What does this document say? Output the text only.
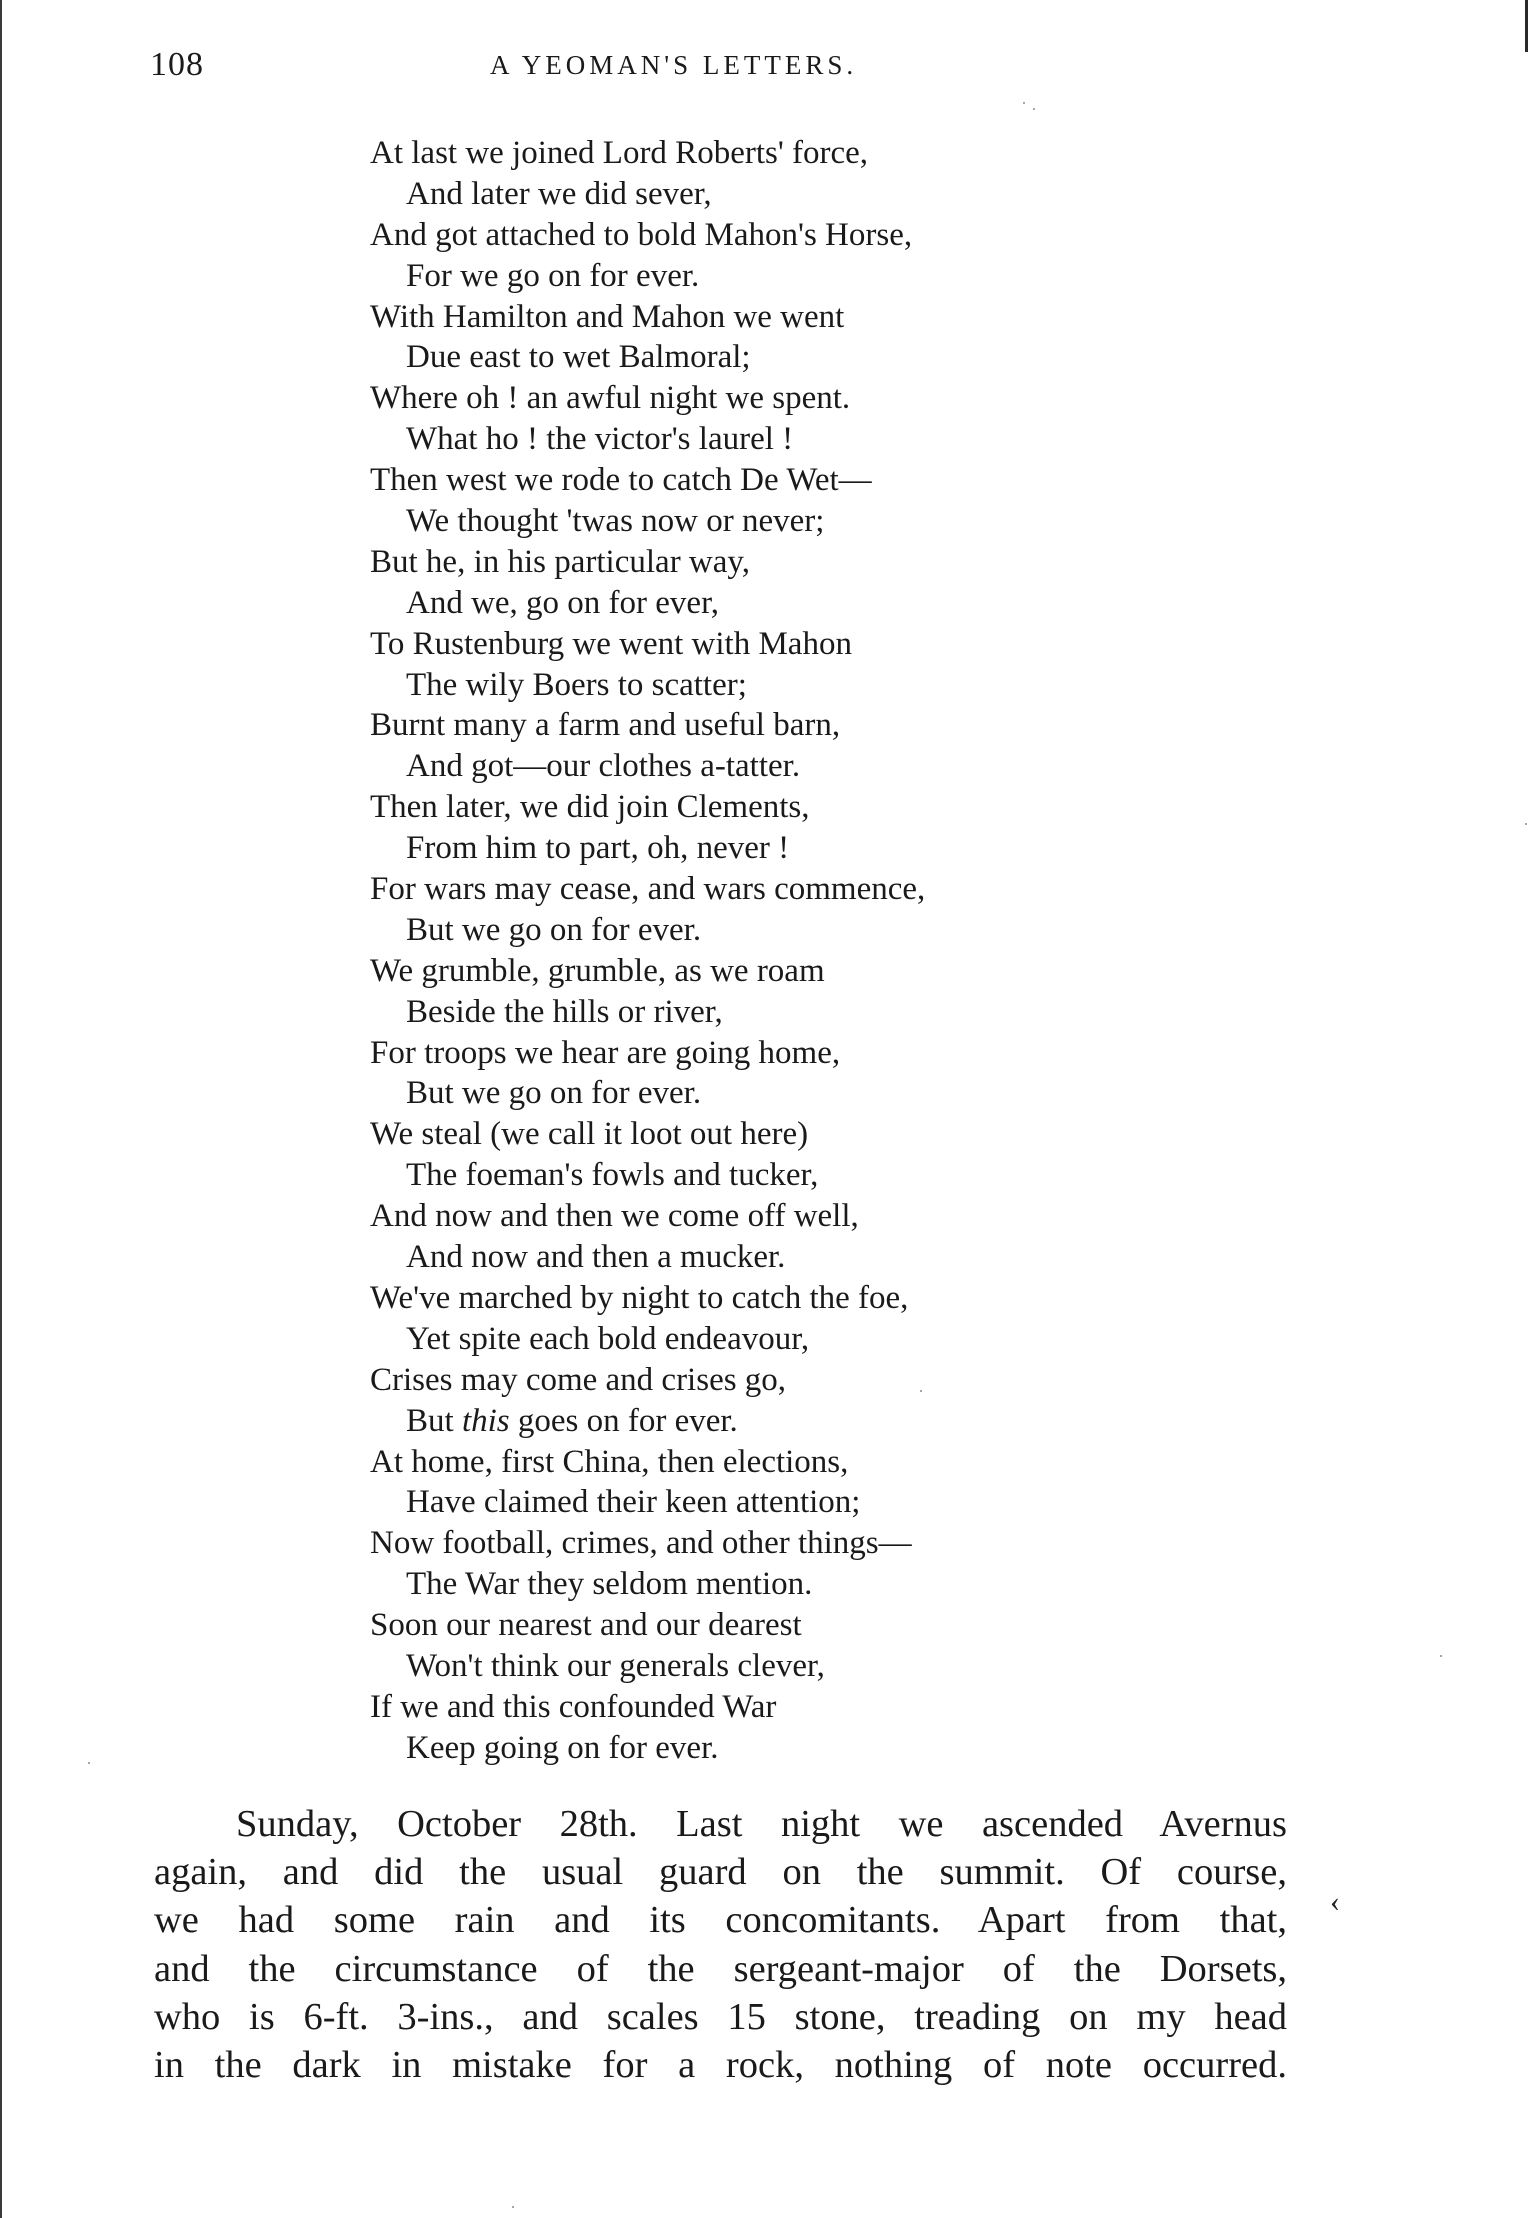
108	A YEOMAN'S LETTERS.
At last we joined Lord Roberts' force,
And later we did sever,
And got attached to bold Mahon's Horse,
For we go on for ever.
With Hamilton and Mahon we went
Due east to wet Balmoral;
Where oh ! an awful night we spent.
What ho ! the victor's laurel !
Then west we rode to catch De Wet—
We thought 'twas now or never;
But he, in his particular way,
And we, go on for ever,
To Rustenburg we went with Mahon
The wily Boers to scatter;
Burnt many a farm and useful barn,
And got—our clothes a-tatter.
Then later, we did join Clements,
From him to part, oh, never !
For wars may cease, and wars commence,
But we go on for ever.
We grumble, grumble, as we roam
Beside the hills or river,
For troops we hear are going home,
But we go on for ever.
We steal (we call it loot out here)
The foeman's fowls and tucker,
And now and then we come off well,
And now and then a mucker.
We've marched by night to catch the foe,
Yet spite each bold endeavour,
Crises may come and crises go,
But this goes on for ever.
At home, first China, then elections,
Have claimed their keen attention;
Now football, crimes, and other things—
The War they seldom mention.
Soon our nearest and our dearest
Won't think our generals clever,
If we and this confounded War
Keep going on for ever.
Sunday, October 28th. Last night we ascended Avernus
again, and did the usual guard on the summit. Of course,
we had some rain and its concomitants. Apart from that,
and the circumstance of the sergeant-major of the Dorsets,
who is 6-ft. 3-ins., and scales 15 stone, treading on my head
in the dark in mistake for a rock, nothing of note occurred.
‹
